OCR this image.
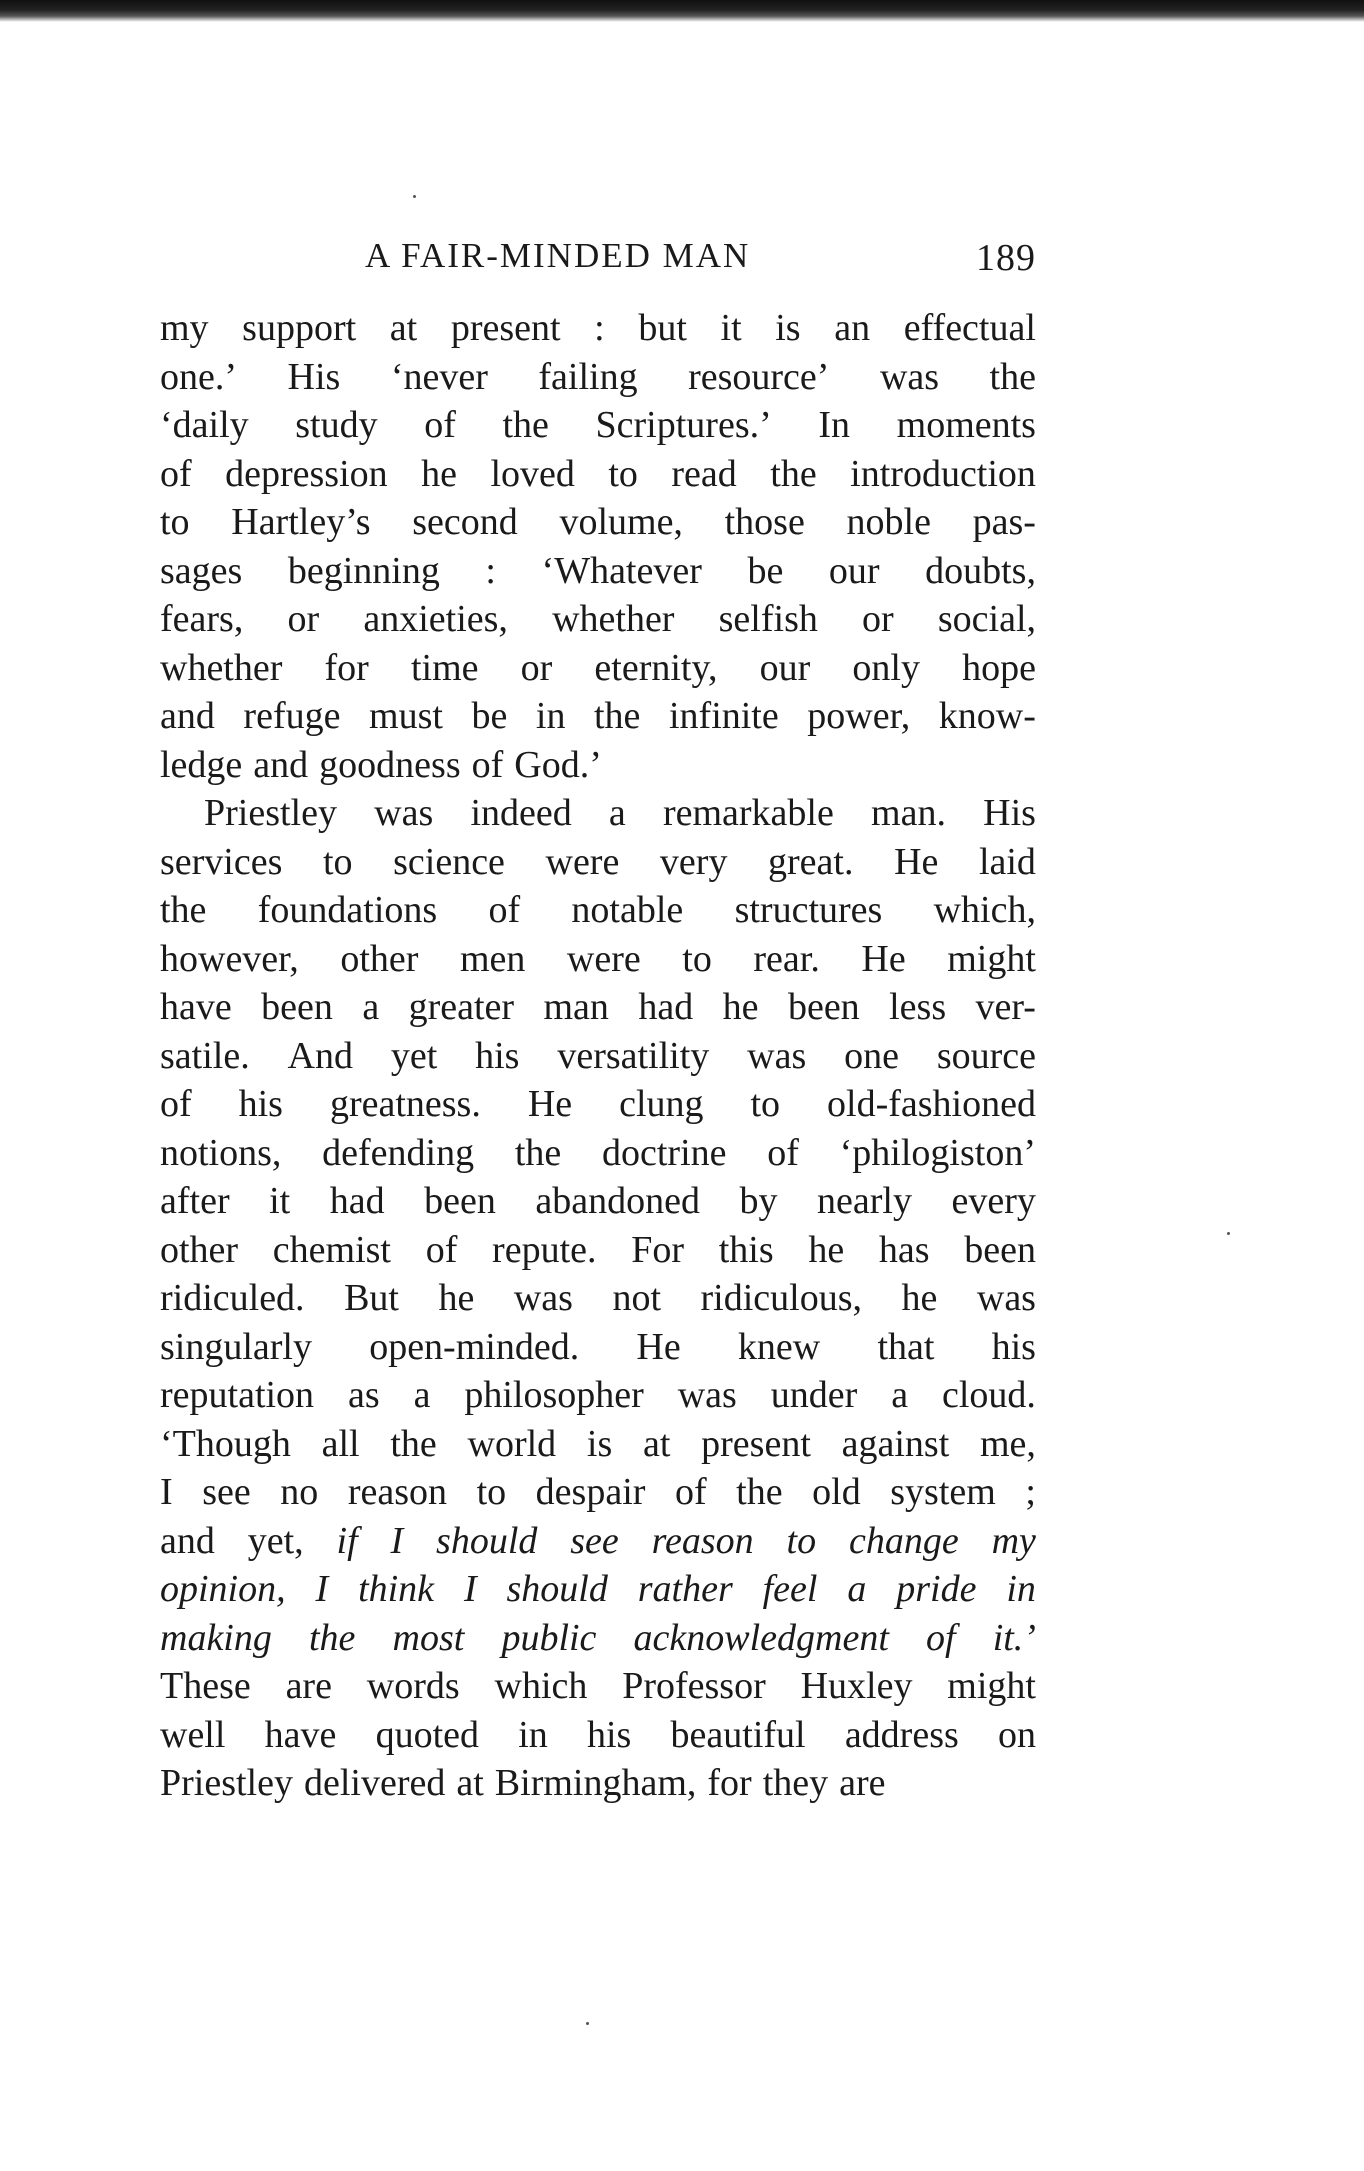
A FAIR-MINDED MAN	189
my support at present : but it is an effectual
one.’ His ‘never failing resource’ was the
‘daily study of the Scriptures.’ In moments
of depression he loved to read the introduction
to Hartley’s second volume, those noble pas-
sages beginning : ‘Whatever be our doubts,
fears, or anxieties, whether selfish or social,
whether for time or eternity, our only hope
and refuge must be in the infinite power, know-
ledge and goodness of God.’
Priestley was indeed a remarkable man. His
services to science were very great. He laid
the foundations of notable structures which,
however, other men were to rear. He might
have been a greater man had he been less ver-
satile. And yet his versatility was one source
of his greatness. He clung to old-fashioned
notions, defending the doctrine of ‘philogiston’
after it had been abandoned by nearly every
other chemist of repute. For this he has been
ridiculed. But he was not ridiculous, he was
singularly open-minded. He knew that his
reputation as a philosopher was under a cloud.
‘Though all the world is at present against me,
I see no reason to despair of the old system ;
and yet, if I should see reason to change my
opinion, I think I should rather feel a pride in
making the most public acknowledgment of it.’
These are words which Professor Huxley might
well have quoted in his beautiful address on
Priestley delivered at Birmingham, for they are
